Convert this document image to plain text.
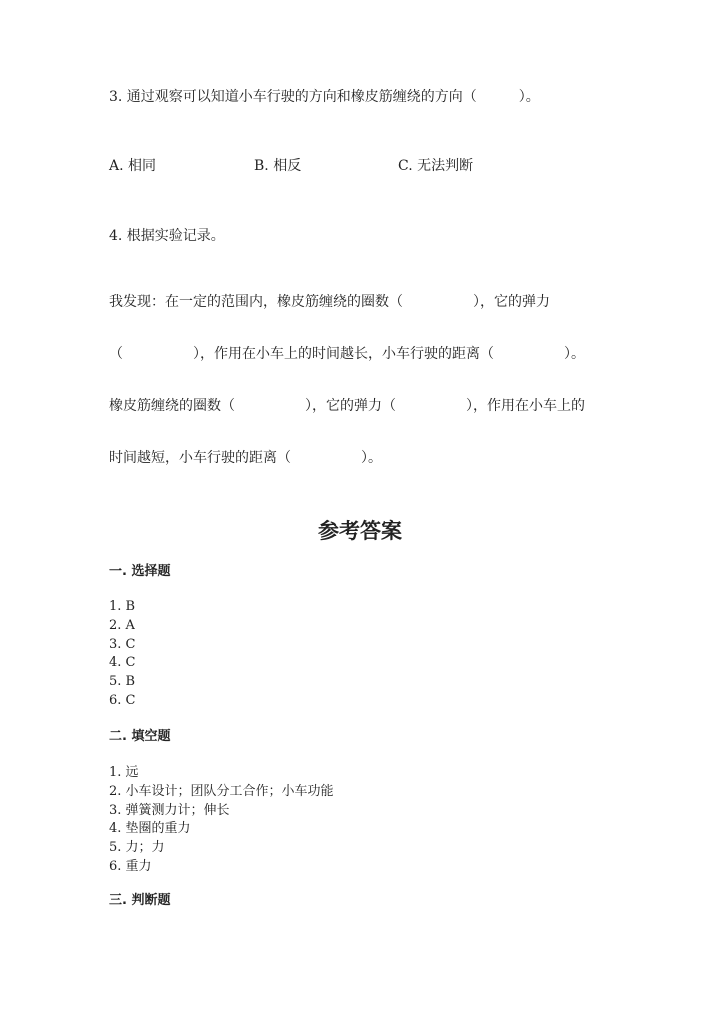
3. 通过观察可以知道小车行驶的方向和橡皮筋缠绕的方向（　　　）。
A. 相同	B. 相反	C. 无法判断
4. 根据实验记录。
我发现：在一定的范围内，橡皮筋缠绕的圈数（　　　　　），它的弹力
（　　　　　），作用在小车上的时间越长，小车行驶的距离（　　　　　）。
橡皮筋缠绕的圈数（　　　　　），它的弹力（　　　　　），作用在小车上的
时间越短，小车行驶的距离（　　　　　）。
参考答案
一. 选择题
1. B
2. A
3. C
4. C
5. B
6. C
二. 填空题
1. 远
2. 小车设计；团队分工合作；小车功能
3. 弹簧测力计；伸长
4. 垫圈的重力
5. 力；力
6. 重力
三. 判断题
